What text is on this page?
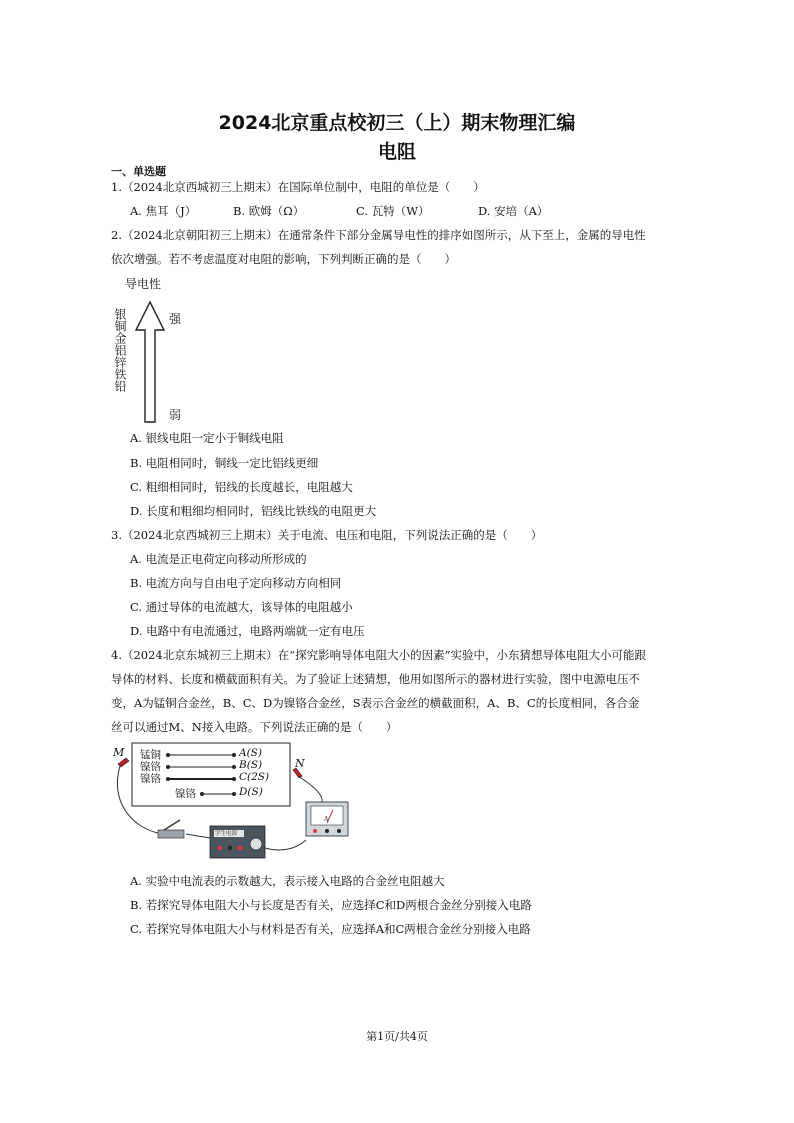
2024北京重点校初三（上）期末物理汇编
电阻
一、单选题
1.（2024北京西城初三上期末）在国际单位制中，电阻的单位是（　　）
A. 焦耳（J）	B. 欧姆（Ω）	C. 瓦特（W）	D. 安培（A）
2.（2024北京朝阳初三上期末）在通常条件下部分金属导电性的排序如图所示，从下至上，金属的导电性
依次增强。若不考虑温度对电阻的影响，下列判断正确的是（　　）
导电性
银铜金铝锌铁铅	强
弱
A. 银线电阻一定小于铜线电阻
B. 电阻相同时，铜线一定比铝线更细
C. 粗细相同时，铝线的长度越长，电阻越大
D. 长度和粗细均相同时，铝线比铁线的电阻更大
3.（2024北京西城初三上期末）关于电流、电压和电阻，下列说法正确的是（　　）
A. 电流是正电荷定向移动所形成的
B. 电流方向与自由电子定向移动方向相同
C. 通过导体的电流越大，该导体的电阻越小
D. 电路中有电流通过，电路两端就一定有电压
4.（2024北京东城初三上期末）在“探究影响导体电阻大小的因素”实验中，小东猜想导体电阻大小可能跟
导体的材料、长度和横截面积有关。为了验证上述猜想，他用如图所示的器材进行实验，图中电源电压不
变，A为锰铜合金丝，B、C、D为镍铬合金丝，S表示合金丝的横截面积，A、B、C的长度相同，各合金
丝可以通过M、N接入电路。下列说法正确的是（　　）
M
N
锰铜
镍铬
镍铬
镍铬
A(S)
B(S)
C(2S)
D(S)
学生电源
A
A. 实验中电流表的示数越大，表示接入电路的合金丝电阻越大
B. 若探究导体电阻大小与长度是否有关，应选择C和D两根合金丝分别接入电路
C. 若探究导体电阻大小与材料是否有关，应选择A和C两根合金丝分别接入电路
第1页/共4页
